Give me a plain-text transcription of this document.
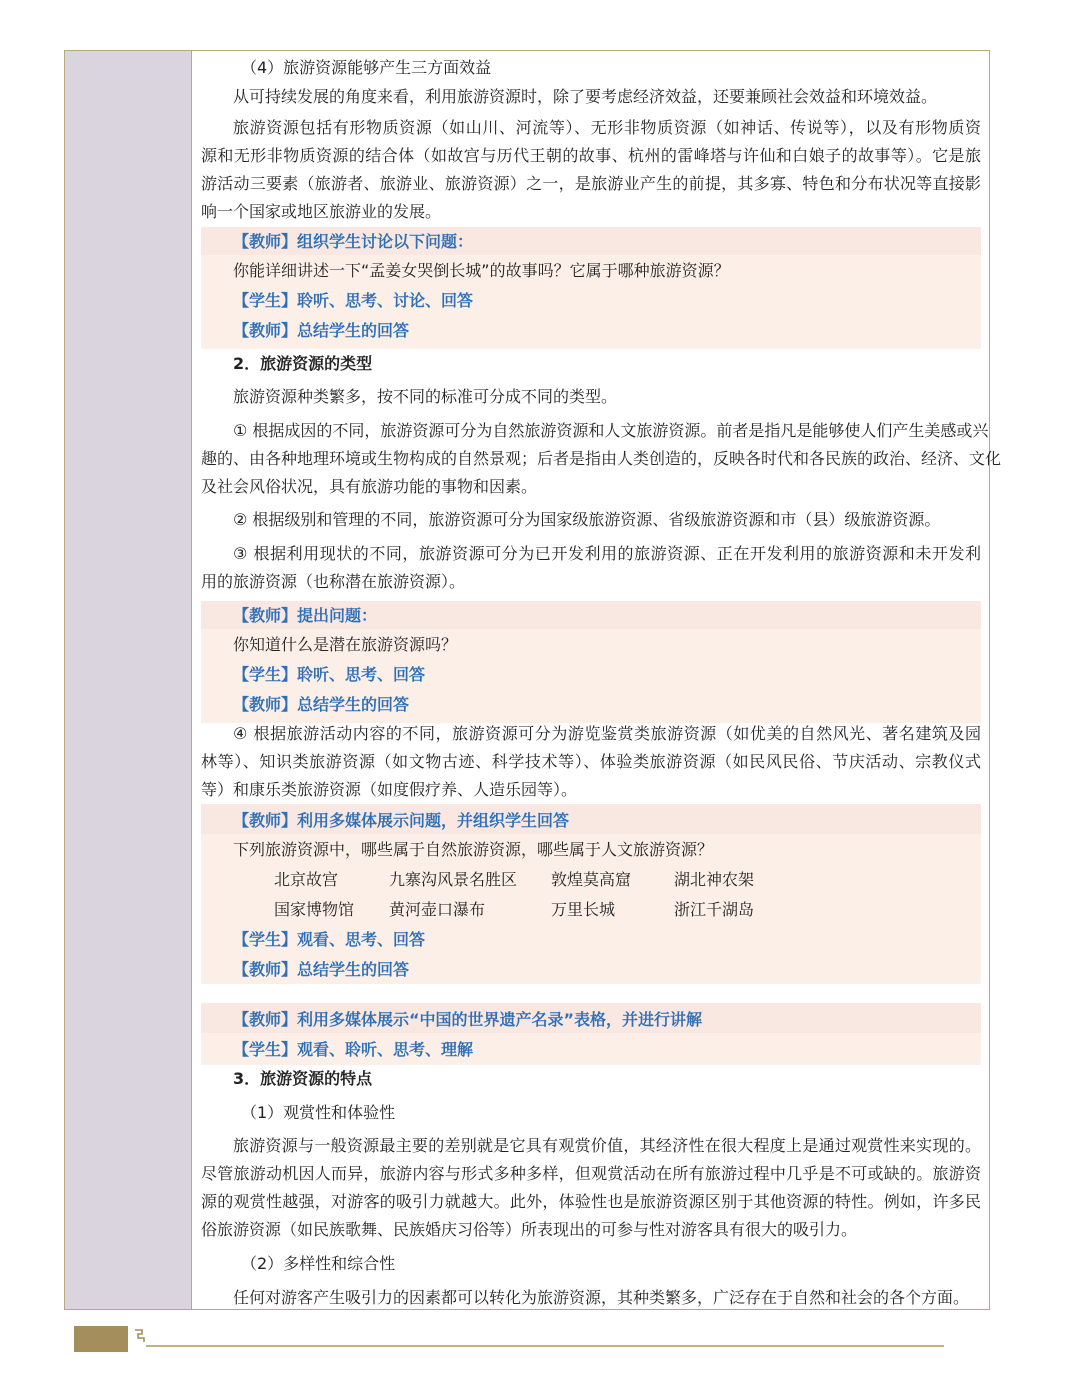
（4）旅游资源能够产生三方面效益
从可持续发展的角度来看，利用旅游资源时，除了要考虑经济效益，还要兼顾社会效益和环境效益。
旅游资源包括有形物质资源（如山川、河流等）、无形非物质资源（如神话、传说等），以及有形物质资
源和无形非物质资源的结合体（如故宫与历代王朝的故事、杭州的雷峰塔与许仙和白娘子的故事等）。它是旅
游活动三要素（旅游者、旅游业、旅游资源）之一，是旅游业产生的前提，其多寡、特色和分布状况等直接影
响一个国家或地区旅游业的发展。
【教师】组织学生讨论以下问题：
你能详细讲述一下“孟姜女哭倒长城”的故事吗？它属于哪种旅游资源？
【学生】聆听、思考、讨论、回答
【教师】总结学生的回答
2．旅游资源的类型
旅游资源种类繁多，按不同的标准可分成不同的类型。
① 根据成因的不同，旅游资源可分为自然旅游资源和人文旅游资源。前者是指凡是能够使人们产生美感或兴
趣的、由各种地理环境或生物构成的自然景观；后者是指由人类创造的，反映各时代和各民族的政治、经济、文化
及社会风俗状况，具有旅游功能的事物和因素。
② 根据级别和管理的不同，旅游资源可分为国家级旅游资源、省级旅游资源和市（县）级旅游资源。
③ 根据利用现状的不同，旅游资源可分为已开发利用的旅游资源、正在开发利用的旅游资源和未开发利
用的旅游资源（也称潜在旅游资源）。
【教师】提出问题：
你知道什么是潜在旅游资源吗？
【学生】聆听、思考、回答
【教师】总结学生的回答
④ 根据旅游活动内容的不同，旅游资源可分为游览鉴赏类旅游资源（如优美的自然风光、著名建筑及园
林等）、知识类旅游资源（如文物古迹、科学技术等）、体验类旅游资源（如民风民俗、节庆活动、宗教仪式
等）和康乐类旅游资源（如度假疗养、人造乐园等）。
【教师】利用多媒体展示问题，并组织学生回答
下列旅游资源中，哪些属于自然旅游资源，哪些属于人文旅游资源？
北京故宫	九寨沟风景名胜区 敦煌莫高窟	湖北神农架
国家博物馆 黄河壶口瀑布	万里长城	浙江千湖岛
【学生】观看、思考、回答
【教师】总结学生的回答
【教师】利用多媒体展示“中国的世界遗产名录”表格，并进行讲解
【学生】观看、聆听、思考、理解
3．旅游资源的特点
（1）观赏性和体验性
旅游资源与一般资源最主要的差别就是它具有观赏价值，其经济性在很大程度上是通过观赏性来实现的。
尽管旅游动机因人而异，旅游内容与形式多种多样，但观赏活动在所有旅游过程中几乎是不可或缺的。旅游资
源的观赏性越强，对游客的吸引力就越大。此外，体验性也是旅游资源区别于其他资源的特性。例如，许多民
俗旅游资源（如民族歌舞、民族婚庆习俗等）所表现出的可参与性对游客具有很大的吸引力。
（2）多样性和综合性
任何对游客产生吸引力的因素都可以转化为旅游资源，其种类繁多，广泛存在于自然和社会的各个方面。
